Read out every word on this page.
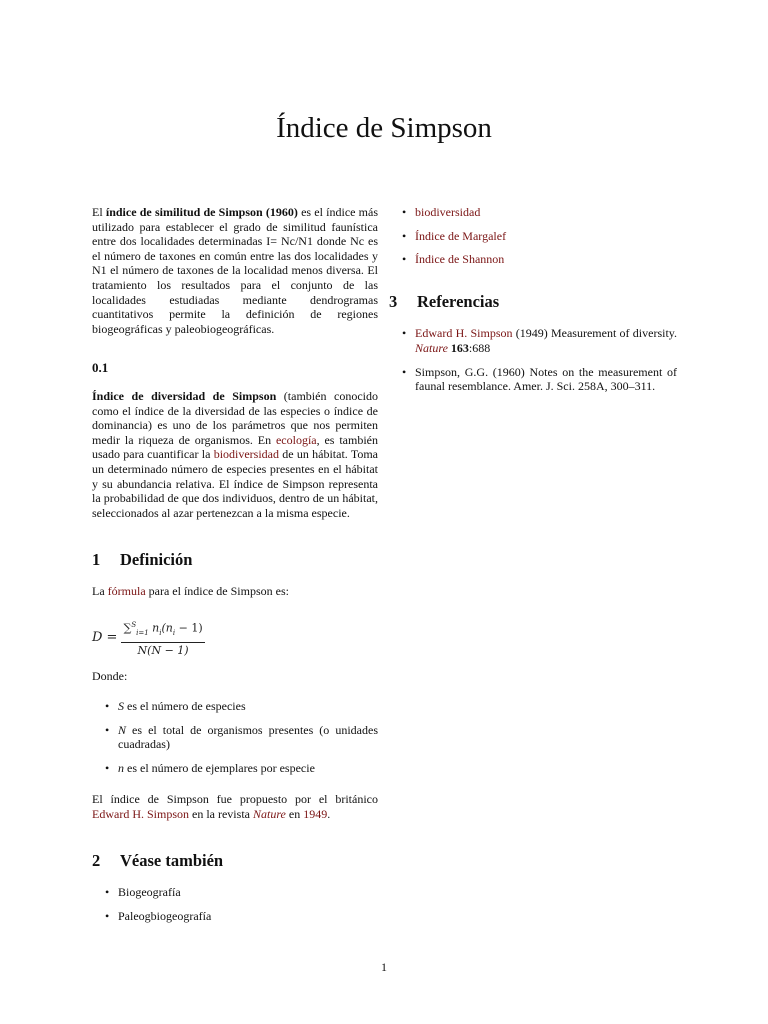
Índice de Simpson

El índice de similitud de Simpson (1960) es el índice más utilizado para establecer el grado de similitud faunística entre dos localidades determinadas I= Nc/N1 donde Nc es el número de taxones en común entre las dos localidades y N1 el número de taxones de la localidad menos diversa. El tratamiento los resultados para el conjunto de las localidades estudiadas mediante dendrogramas cuantitativos permite la definición de regiones biogeográficas y paleobiogeográficas.

0.1

Índice de diversidad de Simpson (también conocido como el índice de la diversidad de las especies o índice de dominancia) es uno de los parámetros que nos permiten medir la riqueza de organismos. En ecología, es también usado para cuantificar la biodiversidad de un hábitat. Toma un determinado número de especies presentes en el hábitat y su abundancia relativa. El índice de Simpson representa la probabilidad de que dos individuos, dentro de un hábitat, seleccionados al azar pertenezcan a la misma especie.

1 Definición

La fórmula para el índice de Simpson es:

$D = \frac{\sum^S_{i=1} n_i(n_i - 1)}{N(N - 1)}$

Donde:

• S es el número de especies
• N es el total de organismos presentes (o unidades cuadradas)
• n es el número de ejemplares por especie

El índice de Simpson fue propuesto por el británico Edward H. Simpson en la revista Nature en 1949.

2 Véase también
• Biogeografía
• Paleogbiogeografía
• biodiversidad
• Índice de Margalef
• Índice de Shannon
3 Referencias
• Edward H. Simpson (1949) Measurement of diversity. Nature 163:688
• Simpson, G.G. (1960) Notes on the measurement of faunal resemblance. Amer. J. Sci. 258A, 300–311.
1
